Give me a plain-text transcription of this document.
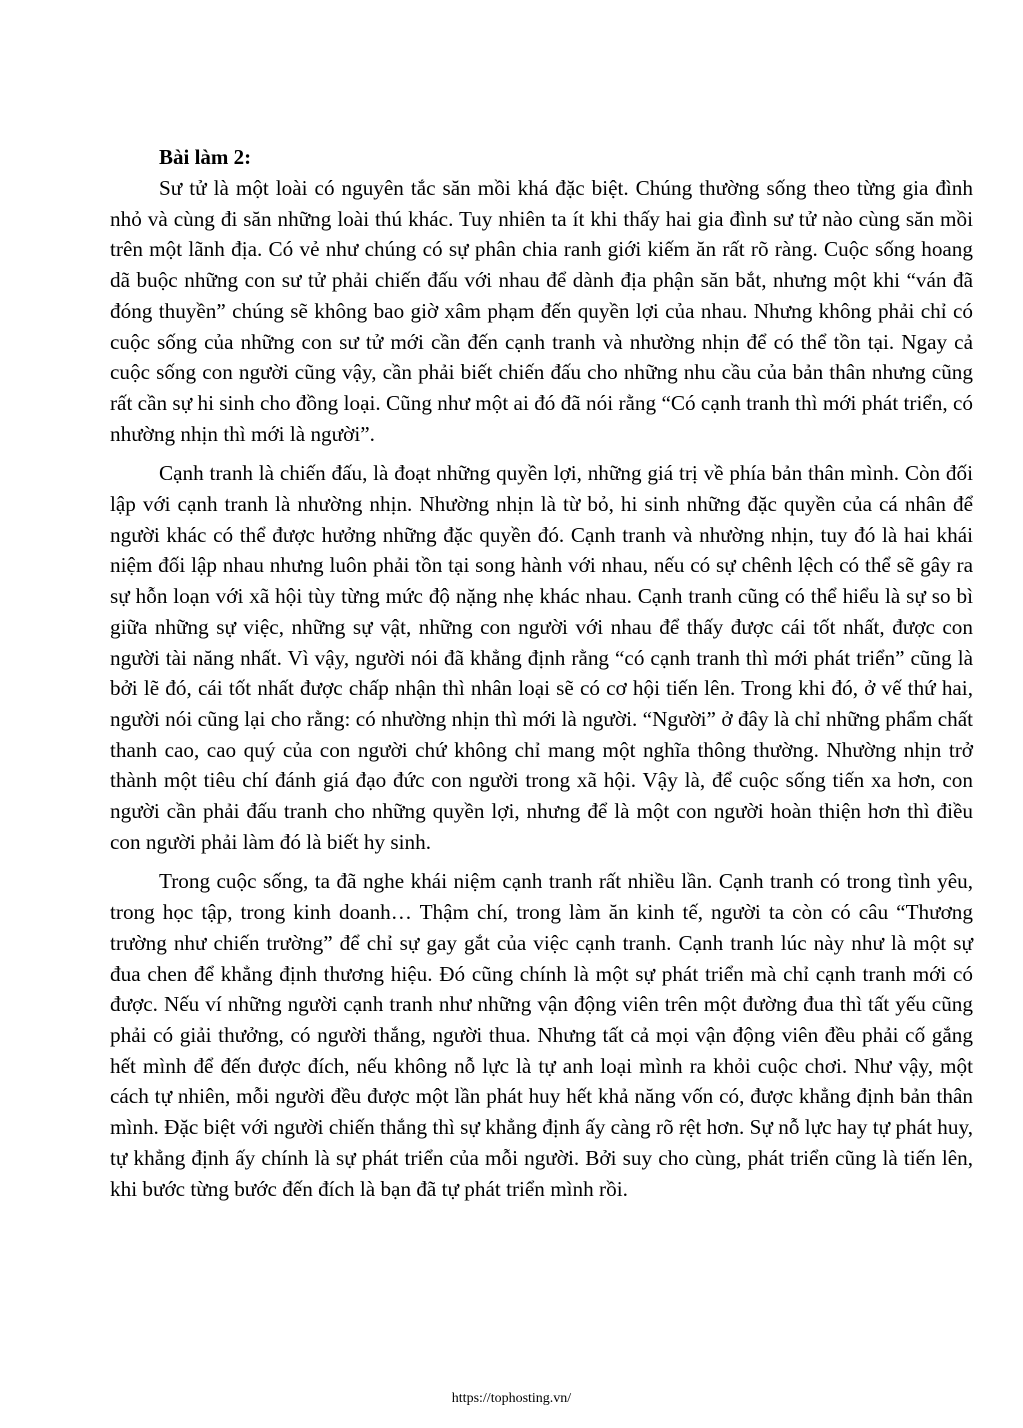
Bài làm 2:

Sư tử là một loài có nguyên tắc săn mồi khá đặc biệt. Chúng thường sống theo từng gia đình nhỏ và cùng đi săn những loài thú khác. Tuy nhiên ta ít khi thấy hai gia đình sư tử nào cùng săn mồi trên một lãnh địa. Có vẻ như chúng có sự phân chia ranh giới kiếm ăn rất rõ ràng. Cuộc sống hoang dã buộc những con sư tử phải chiến đấu với nhau để dành địa phận săn bắt, nhưng một khi “ván đã đóng thuyền” chúng sẽ không bao giờ xâm phạm đến quyền lợi của nhau. Nhưng không phải chỉ có cuộc sống của những con sư tử mới cần đến cạnh tranh và nhường nhịn để có thể tồn tại. Ngay cả cuộc sống con người cũng vậy, cần phải biết chiến đấu cho những nhu cầu của bản thân nhưng cũng rất cần sự hi sinh cho đồng loại. Cũng như một ai đó đã nói rằng “Có cạnh tranh thì mới phát triển, có nhường nhịn thì mới là người”.

Cạnh tranh là chiến đấu, là đoạt những quyền lợi, những giá trị về phía bản thân mình. Còn đối lập với cạnh tranh là nhường nhịn. Nhường nhịn là từ bỏ, hi sinh những đặc quyền của cá nhân để người khác có thể được hưởng những đặc quyền đó. Cạnh tranh và nhường nhịn, tuy đó là hai khái niệm đối lập nhau nhưng luôn phải tồn tại song hành với nhau, nếu có sự chênh lệch có thể sẽ gây ra sự hỗn loạn với xã hội tùy từng mức độ nặng nhẹ khác nhau. Cạnh tranh cũng có thể hiểu là sự so bì giữa những sự việc, những sự vật, những con người với nhau để thấy được cái tốt nhất, được con người tài năng nhất. Vì vậy, người nói đã khẳng định rằng “có cạnh tranh thì mới phát triển” cũng là bởi lẽ đó, cái tốt nhất được chấp nhận thì nhân loại sẽ có cơ hội tiến lên. Trong khi đó, ở vế thứ hai, người nói cũng lại cho rằng: có nhường nhịn thì mới là người. “Người” ở đây là chỉ những phẩm chất thanh cao, cao quý của con người chứ không chỉ mang một nghĩa thông thường. Nhường nhịn trở thành một tiêu chí đánh giá đạo đức con người trong xã hội. Vậy là, để cuộc sống tiến xa hơn, con người cần phải đấu tranh cho những quyền lợi, nhưng để là một con người hoàn thiện hơn thì điều con người phải làm đó là biết hy sinh.

Trong cuộc sống, ta đã nghe khái niệm cạnh tranh rất nhiều lần. Cạnh tranh có trong tình yêu, trong học tập, trong kinh doanh… Thậm chí, trong làm ăn kinh tế, người ta còn có câu “Thương trường như chiến trường” để chỉ sự gay gắt của việc cạnh tranh. Cạnh tranh lúc này như là một sự đua chen để khẳng định thương hiệu. Đó cũng chính là một sự phát triển mà chỉ cạnh tranh mới có được. Nếu ví những người cạnh tranh như những vận động viên trên một đường đua thì tất yếu cũng phải có giải thưởng, có người thắng, người thua. Nhưng tất cả mọi vận động viên đều phải cố gắng hết mình để đến được đích, nếu không nỗ lực là tự anh loại mình ra khỏi cuộc chơi. Như vậy, một cách tự nhiên, mỗi người đều được một lần phát huy hết khả năng vốn có, được khẳng định bản thân mình. Đặc biệt với người chiến thắng thì sự khẳng định ấy càng rõ rệt hơn. Sự nỗ lực hay tự phát huy, tự khẳng định ấy chính là sự phát triển của mỗi người. Bởi suy cho cùng, phát triển cũng là tiến lên, khi bước từng bước đến đích là bạn đã tự phát triển mình rồi.

https://tophosting.vn/
